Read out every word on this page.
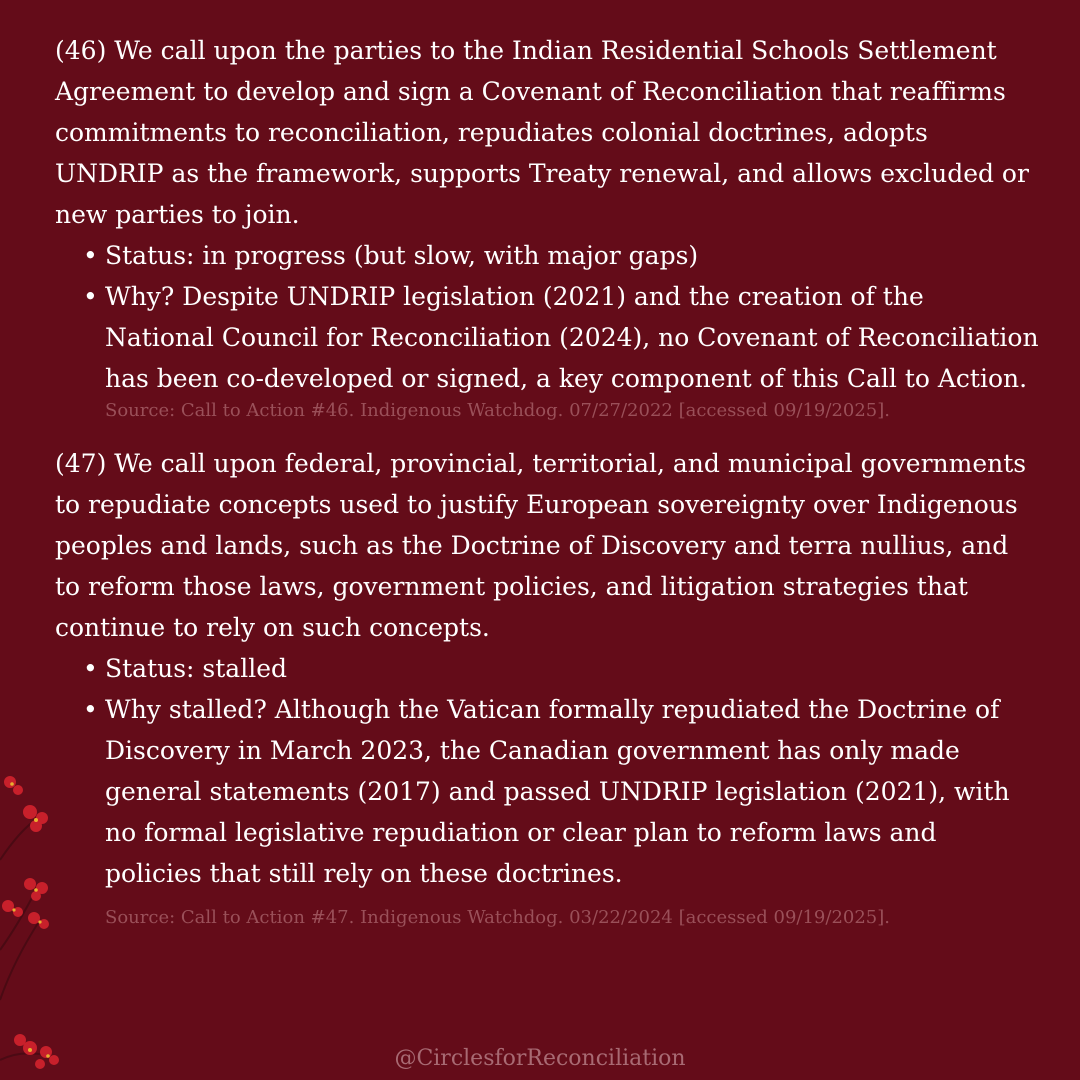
(46) We call upon the parties to the Indian Residential Schools Settlement Agreement to develop and sign a Covenant of Reconciliation that reaffirms commitments to reconciliation, repudiates colonial doctrines, adopts UNDRIP as the framework, supports Treaty renewal, and allows excluded or new parties to join.

• Status: in progress (but slow, with major gaps)
• Why? Despite UNDRIP legislation (2021) and the creation of the National Council for Reconciliation (2024), no Covenant of Reconciliation has been co-developed or signed, a key component of this Call to Action.

Source: Call to Action #46. Indigenous Watchdog. 07/27/2022 [accessed 09/19/2025].

(47) We call upon federal, provincial, territorial, and municipal governments to repudiate concepts used to justify European sovereignty over Indigenous peoples and lands, such as the Doctrine of Discovery and terra nullius, and to reform those laws, government policies, and litigation strategies that continue to rely on such concepts.

• Status: stalled
• Why stalled? Although the Vatican formally repudiated the Doctrine of Discovery in March 2023, the Canadian government has only made general statements (2017) and passed UNDRIP legislation (2021), with no formal legislative repudiation or clear plan to reform laws and policies that still rely on these doctrines.

Source: Call to Action #47. Indigenous Watchdog. 03/22/2024 [accessed 09/19/2025].

@CirclesforReconciliation
